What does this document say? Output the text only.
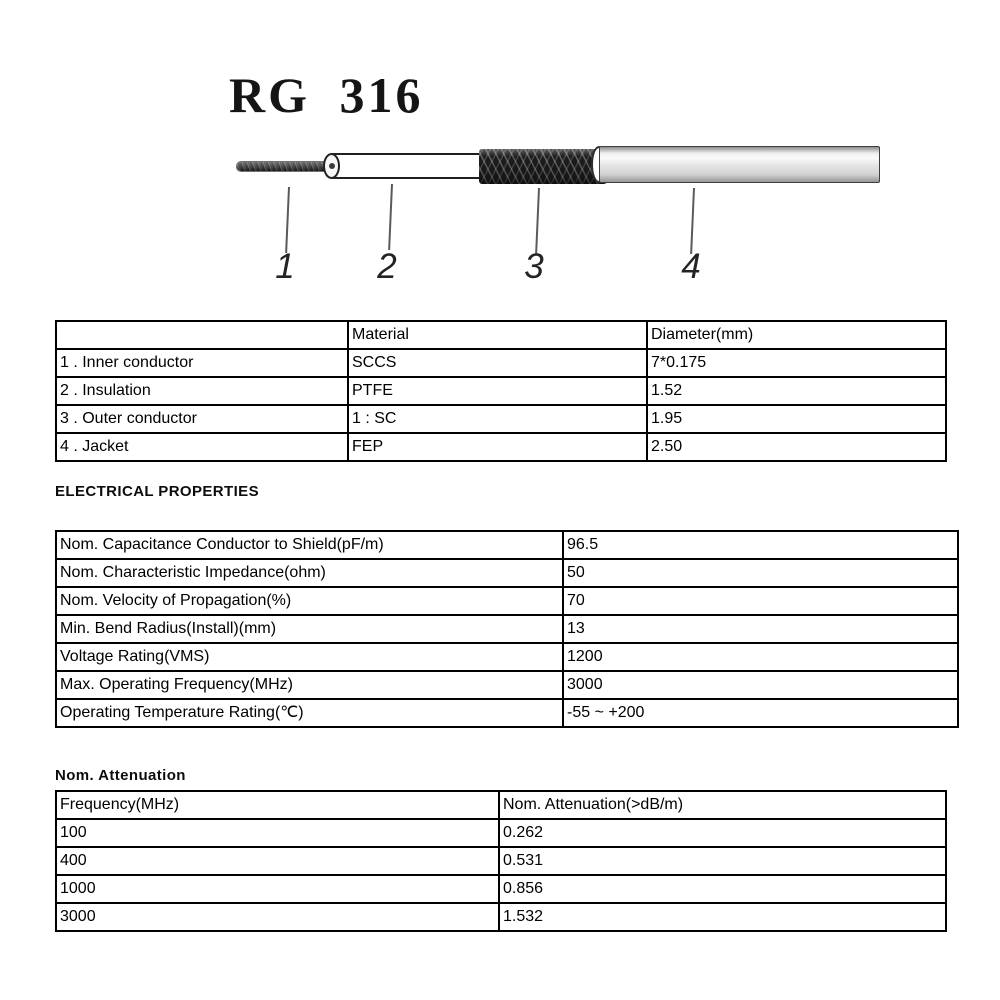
RG 316
1	2	3	4
	Material	Diameter(mm)
1 . Inner conductor	SCCS	7*0.175
2 . Insulation	PTFE	1.52
3 . Outer conductor	1 : SC	1.95
4 . Jacket	FEP	2.50
ELECTRICAL PROPERTIES
Nom. Capacitance Conductor to Shield(pF/m)	96.5
Nom. Characteristic Impedance(ohm)	50
Nom. Velocity of Propagation(%)	70
Min. Bend Radius(Install)(mm)	13
Voltage Rating(VMS)	1200
Max. Operating Frequency(MHz)	3000
Operating Temperature Rating(℃)	-55 ~ +200
Nom. Attenuation
Frequency(MHz)	Nom. Attenuation(>dB/m)
100	0.262
400	0.531
1000	0.856
3000	1.532
